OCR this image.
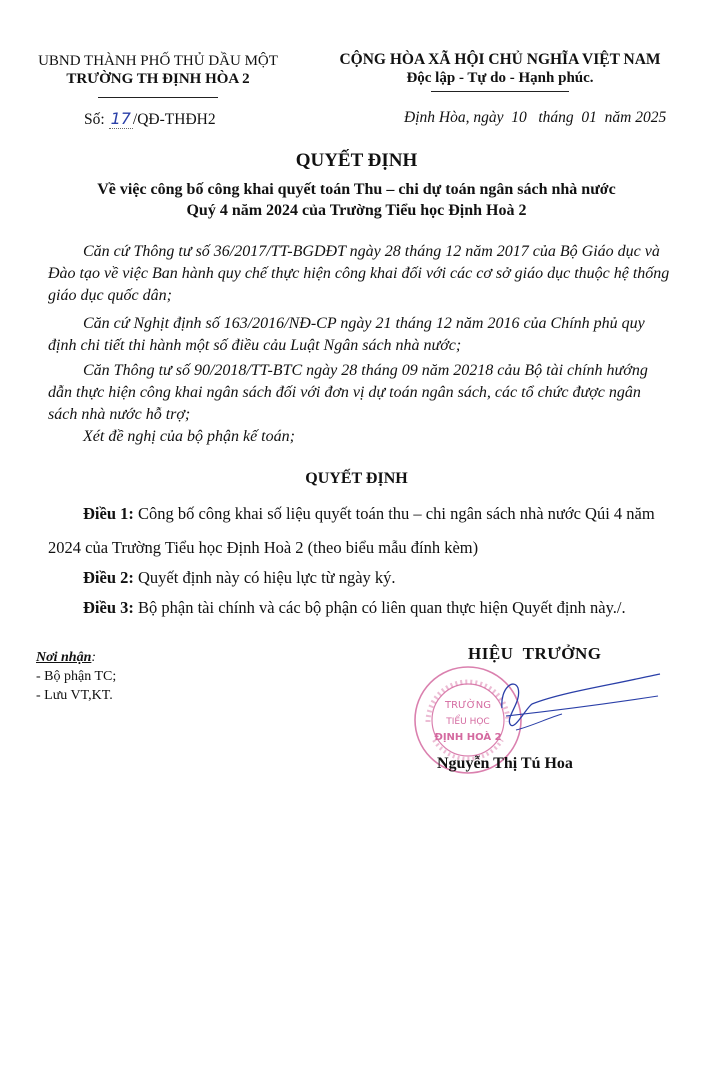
UBND THÀNH PHỐ THỦ DẦU MỘT
TRƯỜNG TH ĐỊNH HÒA 2
CỘNG HÒA XÃ HỘI CHỦ NGHĨA VIỆT NAM
Độc lập - Tự do - Hạnh phúc.
Số: 17 /QĐ-THĐH2	Định Hòa, ngày  10   tháng  01  năm 2025
QUYẾT ĐỊNH
Về việc công bố công khai quyết toán Thu – chi dự toán ngân sách nhà nước
Quý 4 năm 2024 của Trường Tiểu học Định Hoà 2
Căn cứ Thông tư số 36/2017/TT-BGDĐT ngày 28 tháng 12 năm 2017 của Bộ Giáo dục và Đào tạo về việc Ban hành quy chế thực hiện công khai đối với các cơ sở giáo dục thuộc hệ thống giáo dục quốc dân;
Căn cứ Nghịt định số 163/2016/NĐ-CP ngày 21 tháng 12 năm 2016 của Chính phủ quy định chi tiết thi hành một số điều cảu Luật Ngân sách nhà nước;
Căn Thông tư số 90/2018/TT-BTC ngày 28 tháng 09 năm 20218 cảu Bộ tài chính hướng dẫn thực hiện công khai ngân sách đối với đơn vị dự toán ngân sách, các tổ chức được ngân sách nhà nước hỗ trợ;
Xét đề nghị của bộ phận kế toán;
QUYẾT ĐỊNH
Điều 1: Công bố công khai số liệu quyết toán thu – chi ngân sách nhà nước Qúi 4 năm 2024 của Trường Tiểu học Định Hoà 2 (theo biểu mẫu đính kèm)
Điều 2: Quyết định này có hiệu lực từ ngày ký.
Điều 3: Bộ phận tài chính và các bộ phận có liên quan thực hiện Quyết định này./.
Nơi nhận:
- Bộ phận TC;
- Lưu VT,KT.
HIỆU  TRƯỞNG
TRƯỜNG
TIỂU HỌC
ĐỊNH HOÀ 2
Nguyễn Thị Tú Hoa
